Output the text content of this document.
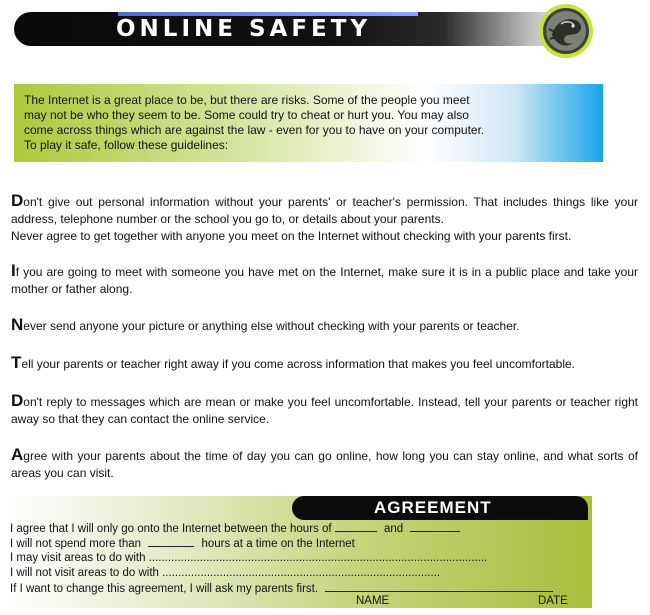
ONLINE SAFETY
The Internet is a great place to be, but there are risks. Some of the people you meet
may not be who they seem to be. Some could try to cheat or hurt you. You may also
come across things which are against the law - even for you to have on your computer.
To play it safe, follow these guidelines:
Don't give out personal information without your parents' or teacher's permission. That includes things like your address, telephone number or the school you go to, or details about your parents.
Never agree to get together with anyone you meet on the Internet without checking with your parents first.
If you are going to meet with someone you have met on the Internet, make sure it is in a public place and take your mother or father along.
Never send anyone your picture or anything else without checking with your parents or teacher.
Tell your parents or teacher right away if you come across information that makes you feel uncomfortable.
Don't reply to messages which are mean or make you feel uncomfortable. Instead, tell your parents or teacher right away so that they can contact the online service.
Agree with your parents about the time of day you can go online, how long you can stay online, and what sorts of areas you can visit.
AGREEMENT
I agree that I will only go onto the Internet between the hours of	and
I will not spend more than	hours at a time on the Internet
I may visit areas to do with ..........................................................................................................
I will not visit areas to do with .......................................................................................
If I want to change this agreement, I will ask my parents first.
NAME	DATE
